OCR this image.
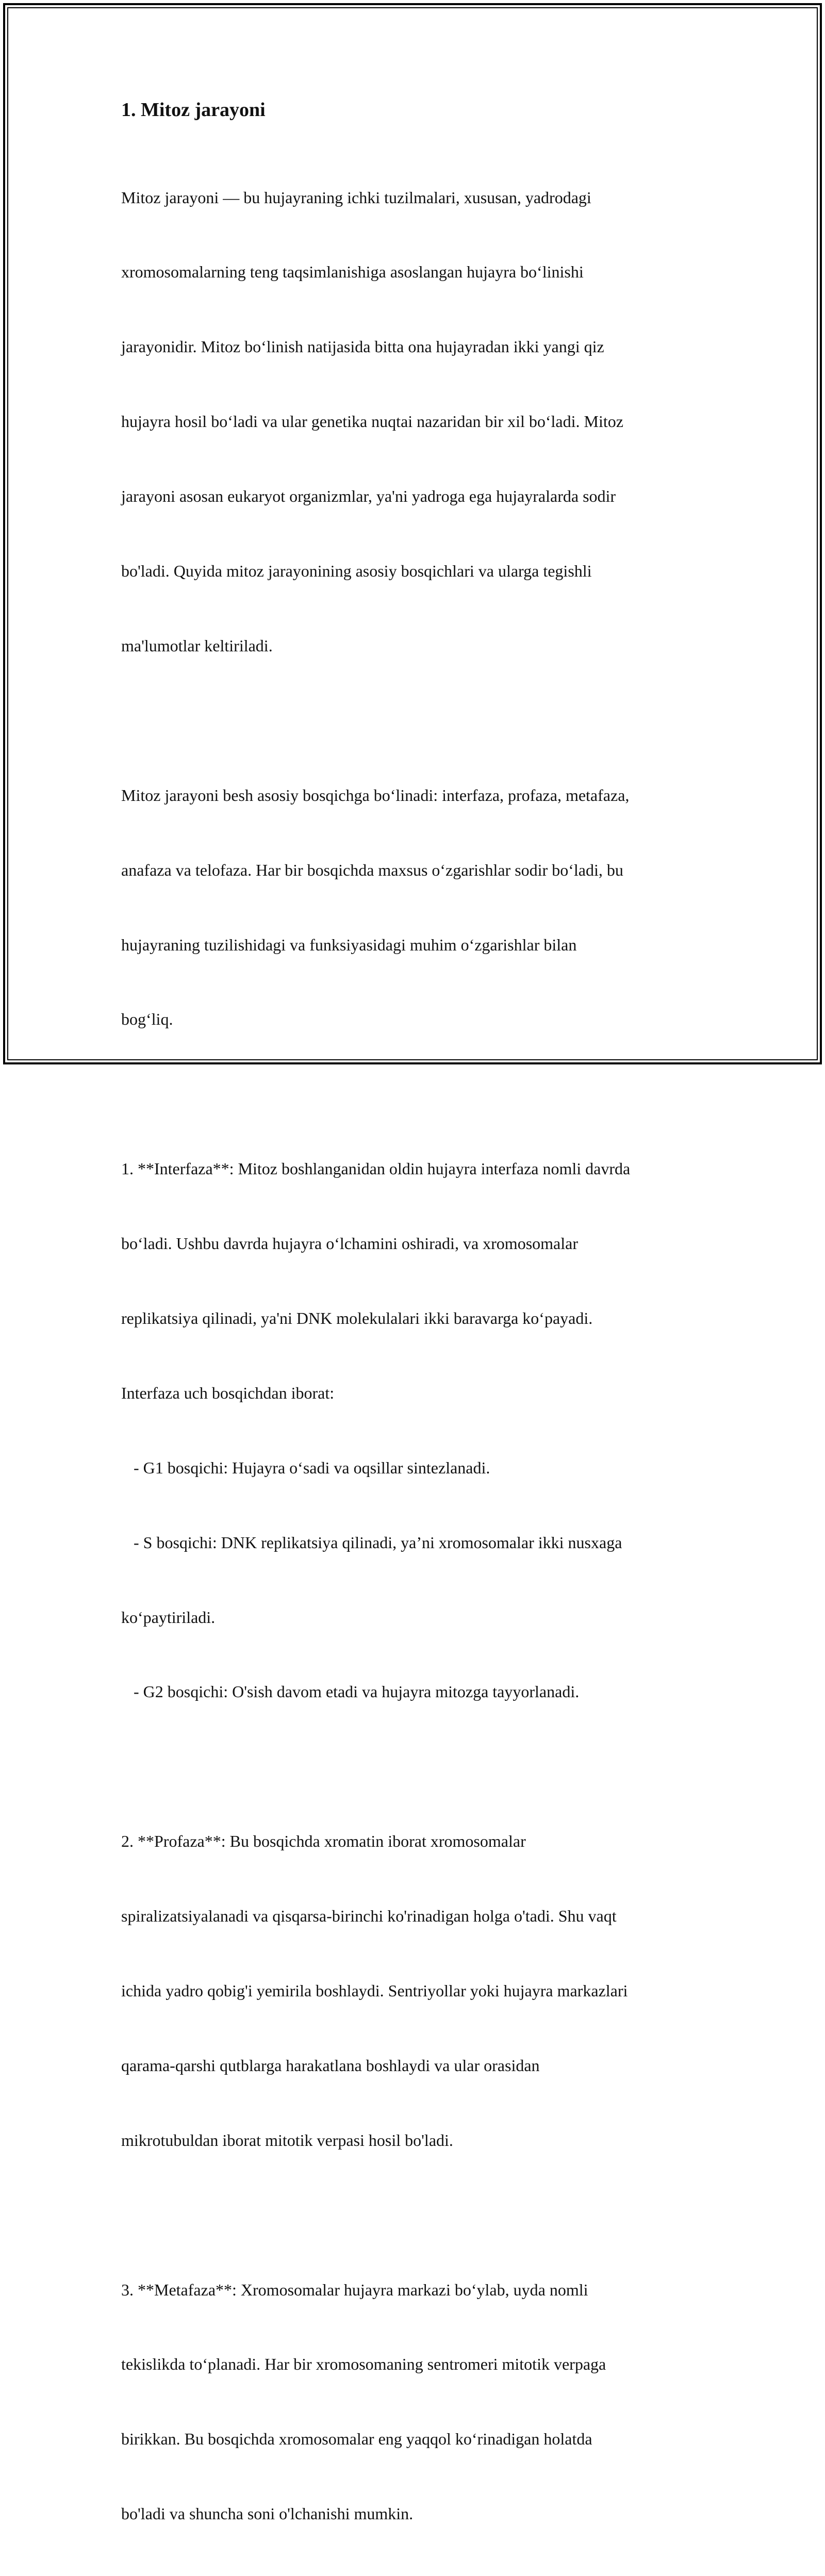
1. Mitoz jarayoni

Mitoz jarayoni — bu hujayraning ichki tuzilmalari, xususan, yadrodagi

xromosomalarning teng taqsimlanishiga asoslangan hujayra bo‘linishi

jarayonidir. Mitoz bo‘linish natijasida bitta ona hujayradan ikki yangi qiz

hujayra hosil bo‘ladi va ular genetika nuqtai nazaridan bir xil bo‘ladi. Mitoz

jarayoni asosan eukaryot organizmlar, ya'ni yadroga ega hujayralarda sodir

bo'ladi. Quyida mitoz jarayonining asosiy bosqichlari va ularga tegishli

ma'lumotlar keltiriladi.

Mitoz jarayoni besh asosiy bosqichga bo‘linadi: interfaza, profaza, metafaza,

anafaza va telofaza. Har bir bosqichda maxsus o‘zgarishlar sodir bo‘ladi, bu

hujayraning tuzilishidagi va funksiyasidagi muhim o‘zgarishlar bilan

bog‘liq.

1. **Interfaza**: Mitoz boshlanganidan oldin hujayra interfaza nomli davrda

bo‘ladi. Ushbu davrda hujayra o‘lchamini oshiradi, va xromosomalar

replikatsiya qilinadi, ya'ni DNK molekulalari ikki baravarga ko‘payadi.

Interfaza uch bosqichdan iborat:

- G1 bosqichi: Hujayra o‘sadi va oqsillar sintezlanadi.

- S bosqichi: DNK replikatsiya qilinadi, ya’ni xromosomalar ikki nusxaga

ko‘paytiriladi.

- G2 bosqichi: O'sish davom etadi va hujayra mitozga tayyorlanadi.

2. **Profaza**: Bu bosqichda xromatin iborat xromosomalar

spiralizatsiyalanadi va qisqarsa-birinchi ko'rinadigan holga o'tadi. Shu vaqt

ichida yadro qobig'i yemirila boshlaydi. Sentriyollar yoki hujayra markazlari

qarama-qarshi qutblarga harakatlana boshlaydi va ular orasidan

mikrotubuldan iborat mitotik verpasi hosil bo'ladi.

3. **Metafaza**: Xromosomalar hujayra markazi bo‘ylab, uyda nomli

tekislikda to‘planadi. Har bir xromosomaning sentromeri mitotik verpaga

birikkan. Bu bosqichda xromosomalar eng yaqqol ko‘rinadigan holatda

bo'ladi va shuncha soni o'lchanishi mumkin.
